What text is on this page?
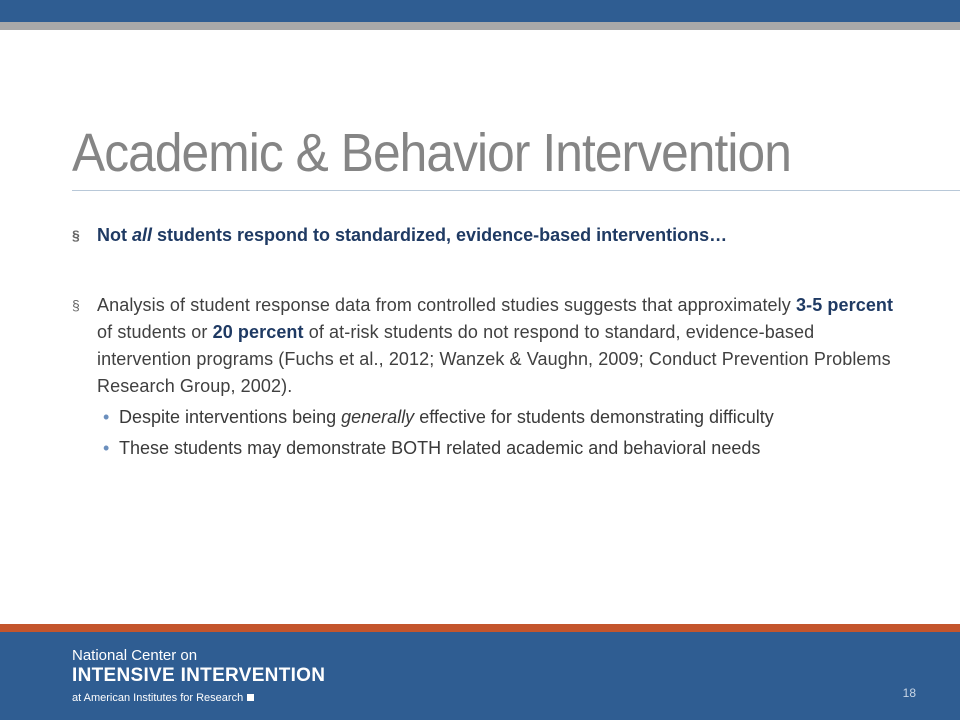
Academic & Behavior Intervention
§ Not all students respond to standardized, evidence-based interventions…
§ Analysis of student response data from controlled studies suggests that approximately 3-5 percent of students or 20 percent of at-risk students do not respond to standard, evidence-based intervention programs (Fuchs et al., 2012; Wanzek & Vaughn, 2009; Conduct Prevention Problems Research Group, 2002).
• Despite interventions being generally effective for students demonstrating difficulty
• These students may demonstrate BOTH related academic and behavioral needs
National Center on
INTENSIVE INTERVENTION
at American Institutes for Research	18
